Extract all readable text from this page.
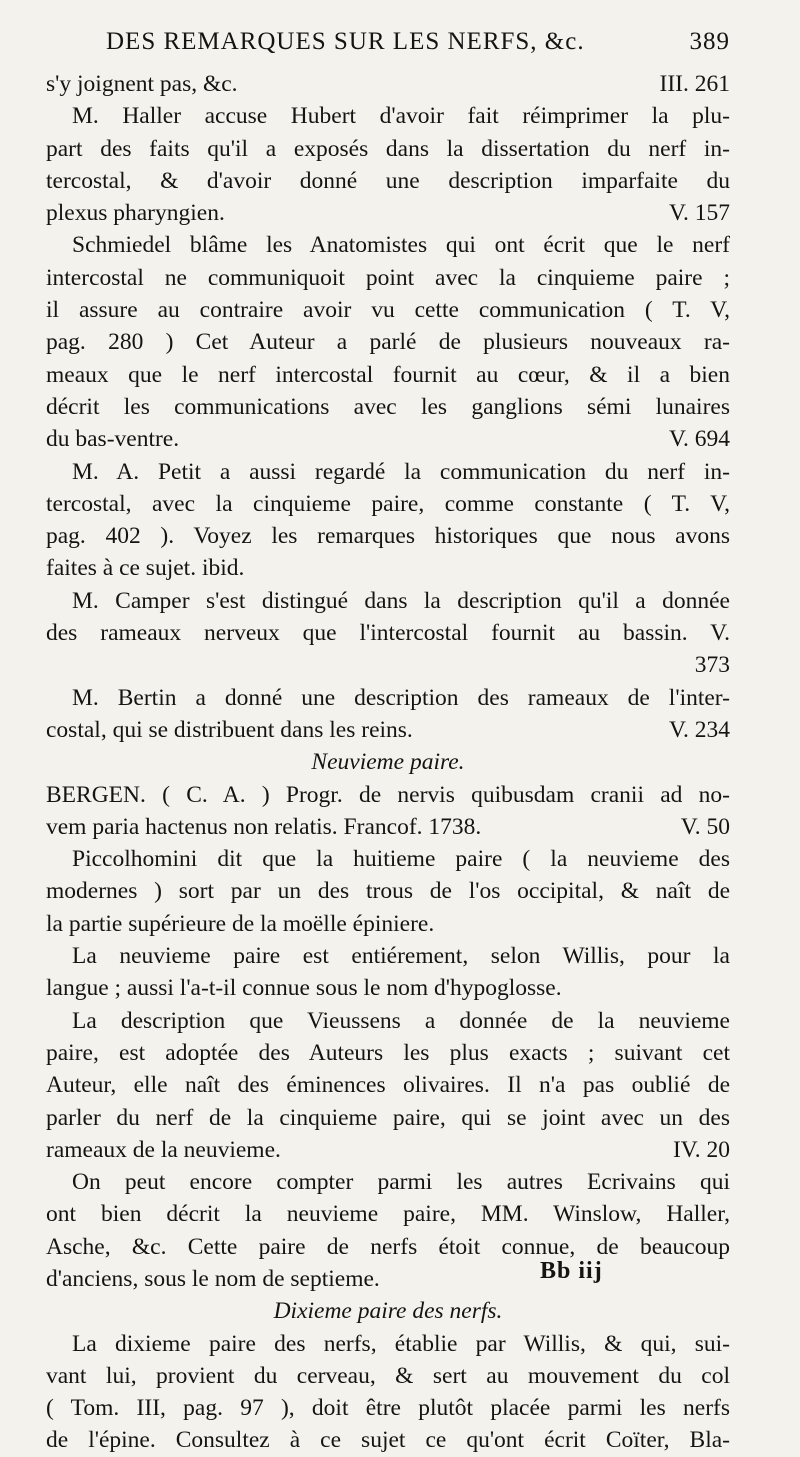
DES REMARQUES SUR LES NERFS, &c.	389
s'y joignent pas, &c.	III. 261
M. Haller accuse Hubert d'avoir fait réimprimer la plu-
part des faits qu'il a exposés dans la dissertation du nerf in-
tercostal, & d'avoir donné une description imparfaite du
plexus pharyngien.	V. 157
Schmiedel blâme les Anatomistes qui ont écrit que le nerf
intercostal ne communiquoit point avec la cinquieme paire ;
il assure au contraire avoir vu cette communication ( T. V,
pag. 280 ) Cet Auteur a parlé de plusieurs nouveaux ra-
meaux que le nerf intercostal fournit au cœur, & il a bien
décrit les communications avec les ganglions sémi lunaires
du bas-ventre.	V. 694
M. A. Petit a aussi regardé la communication du nerf in-
tercostal, avec la cinquieme paire, comme constante ( T. V,
pag. 402 ). Voyez les remarques historiques que nous avons
faites à ce sujet. ibid.
M. Camper s'est distingué dans la description qu'il a donnée
des rameaux nerveux que l'intercostal fournit au bassin. V.
373
M. Bertin a donné une description des rameaux de l'inter-
costal, qui se distribuent dans les reins.	V. 234
Neuvieme paire.
BERGEN. ( C. A. ) Progr. de nervis quibusdam cranii ad no-
vem paria hactenus non relatis. Francof. 1738.	V. 50
Piccolhomini dit que la huitieme paire ( la neuvieme des
modernes ) sort par un des trous de l'os occipital, & naît de
la partie supérieure de la moëlle épiniere.
La neuvieme paire est entiérement, selon Willis, pour la
langue ; aussi l'a-t-il connue sous le nom d'hypoglosse.
La description que Vieussens a donnée de la neuvieme
paire, est adoptée des Auteurs les plus exacts ; suivant cet
Auteur, elle naît des éminences olivaires. Il n'a pas oublié de
parler du nerf de la cinquieme paire, qui se joint avec un des
rameaux de la neuvieme.	IV. 20
On peut encore compter parmi les autres Ecrivains qui
ont bien décrit la neuvieme paire, MM. Winslow, Haller,
Asche, &c. Cette paire de nerfs étoit connue, de beaucoup
d'anciens, sous le nom de septieme.
Dixieme paire des nerfs.
La dixieme paire des nerfs, établie par Willis, & qui, sui-
vant lui, provient du cerveau, & sert au mouvement du col
( Tom. III, pag. 97 ), doit être plutôt placée parmi les nerfs
de l'épine. Consultez à ce sujet ce qu'ont écrit Coïter, Bla-
Bb iij
